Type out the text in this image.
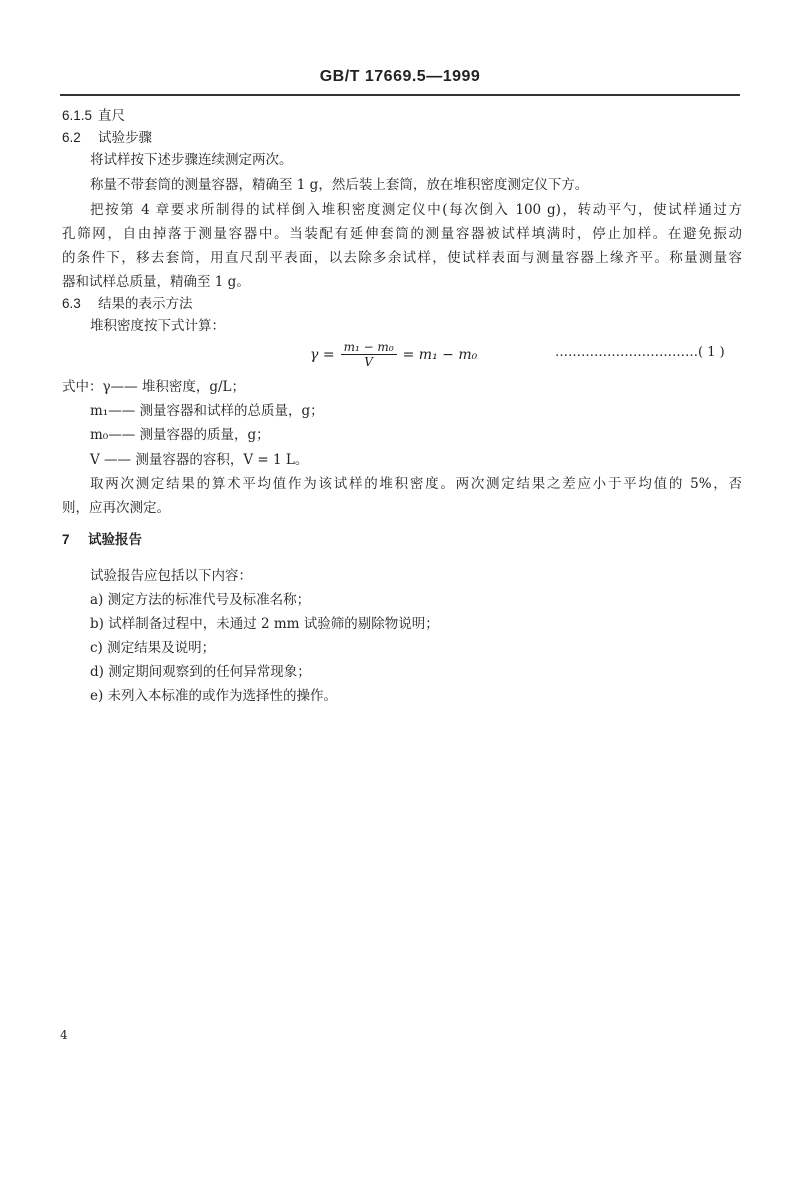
GB/T 17669.5—1999
6.1.5 直尺
6.2 试验步骤
将试样按下述步骤连续测定两次。
称量不带套筒的测量容器，精确至 1 g，然后装上套筒，放在堆积密度测定仪下方。
把按第 4 章要求所制得的试样倒入堆积密度测定仪中(每次倒入 100 g)，转动平勺，使试样通过方
孔筛网，自由掉落于测量容器中。当装配有延伸套筒的测量容器被试样填满时，停止加样。在避免振动
的条件下，移去套筒，用直尺刮平表面，以去除多余试样，使试样表面与测量容器上缘齐平。称量测量容
器和试样总质量，精确至 1 g。
6.3 结果的表示方法
堆积密度按下式计算：
$\gamma = \frac{\text{m₁ − m₀}}{V} = m_1 - m_0$	……………………………( 1 )
式中：γ—— 堆积密度，g/L；
m₁—— 测量容器和试样的总质量，g；
m₀—— 测量容器的质量，g；
V —— 测量容器的容积，V = 1 L。
取两次测定结果的算术平均值作为该试样的堆积密度。两次测定结果之差应小于平均值的 5%，否
则，应再次测定。
7 试验报告
试验报告应包括以下内容：
a) 测定方法的标准代号及标准名称；
b) 试样制备过程中，未通过 2 mm 试验筛的剔除物说明；
c) 测定结果及说明；
d) 测定期间观察到的任何异常现象；
e) 未列入本标准的或作为选择性的操作。
4
